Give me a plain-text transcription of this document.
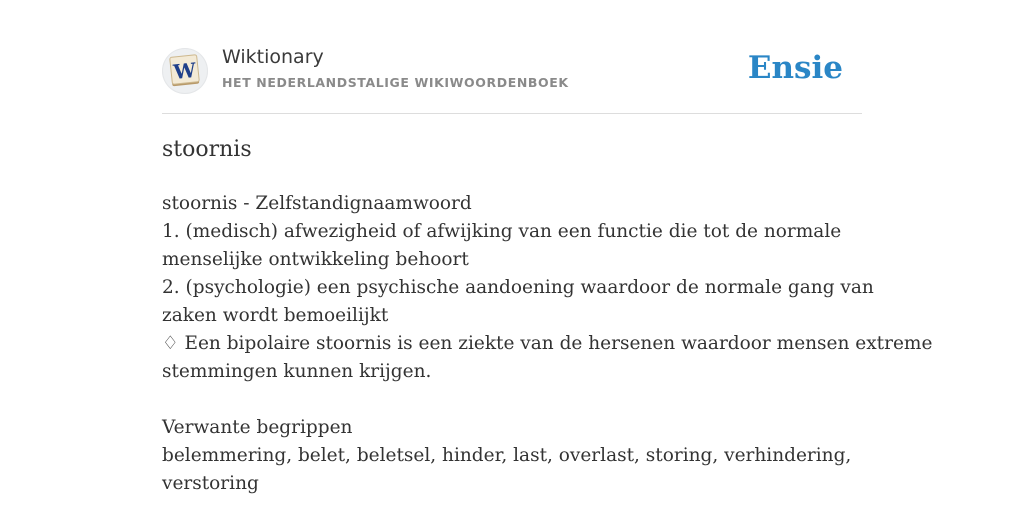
W
Wiktionary
HET NEDERLANDSTALIGE WIKIWOORDENBOEK	Ensie
stoornis
stoornis - Zelfstandignaamwoord
1. (medisch) afwezigheid of afwijking van een functie die tot de normale
menselijke ontwikkeling behoort
2. (psychologie) een psychische aandoening waardoor de normale gang van
zaken wordt bemoeilijkt
♢ Een bipolaire stoornis is een ziekte van de hersenen waardoor mensen extreme
stemmingen kunnen krijgen.
Verwante begrippen
belemmering, belet, beletsel, hinder, last, overlast, storing, verhindering,
verstoring
